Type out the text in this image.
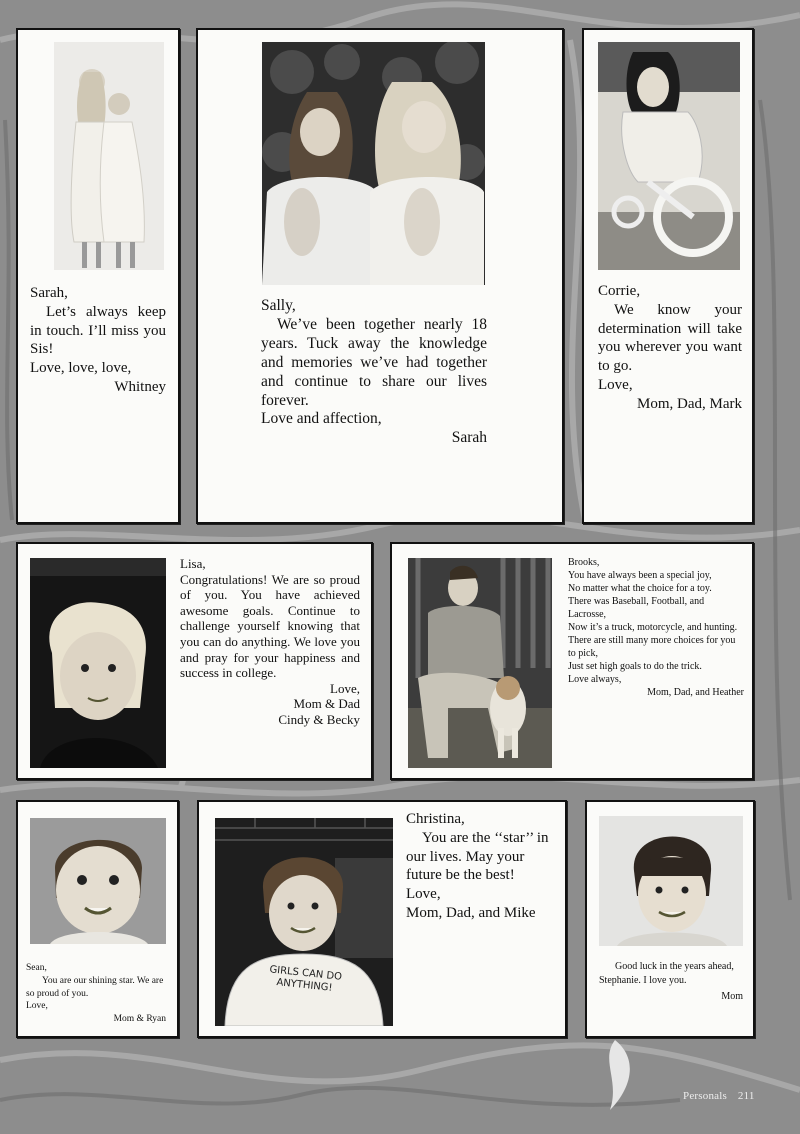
Sarah,

Let’s always keep in touch. I’ll miss you Sis!

Love, love, love,

Whitney

Sally,

We’ve been together nearly 18 years. Tuck away the knowledge and memories we’ve had together and continue to share our lives forever.

Love and affection,

Sarah

Corrie,

We know your determination will take you wherever you want to go.

Love,

Mom, Dad, Mark

Lisa,

Congratulations! We are so proud of you. You have achieved awesome goals. Continue to challenge yourself knowing that you can do anything. We love you and pray for your happiness and success in college.

Love,

Mom & Dad

Cindy & Becky

Brooks,

You have always been a special joy,

No matter what the choice for a toy.

There was Baseball, Football, and Lacrosse,

Now it’s a truck, motorcycle, and hunting.

There are still many more choices for you to pick,

Just set high goals to do the trick.

Love always,

Mom, Dad, and Heather

Sean,

You are our shining star. We are so proud of you.

Love,

Mom & Ryan

GIRLS CAN DO ANYTHING!

Christina,

You are the ‘‘star’’ in our lives. May your future be the best!

Love,

Mom, Dad, and Mike

Good luck in the years ahead, Stephanie. I love you.

Mom

Personals 211
